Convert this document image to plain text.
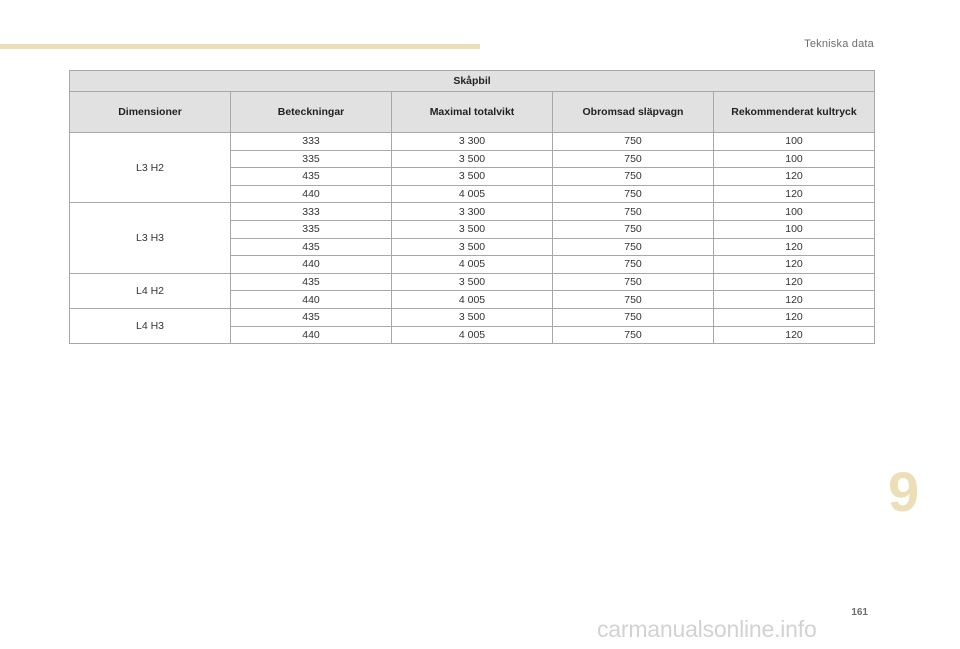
Tekniska data
Skåpbil				
Dimensioner	Beteckningar	Maximal totalvikt	Obromsad släpvagn	Rekommenderat kultryck
L3 H2	333	3 300	750	100
	335	3 500	750	100
	435	3 500	750	120
	440	4 005	750	120
L3 H3	333	3 300	750	100
	335	3 500	750	100
	435	3 500	750	120
	440	4 005	750	120
L4 H2	435	3 500	750	120
	440	4 005	750	120
L4 H3	435	3 500	750	120
	440	4 005	750	120
9
161
carmanualsonline.info
